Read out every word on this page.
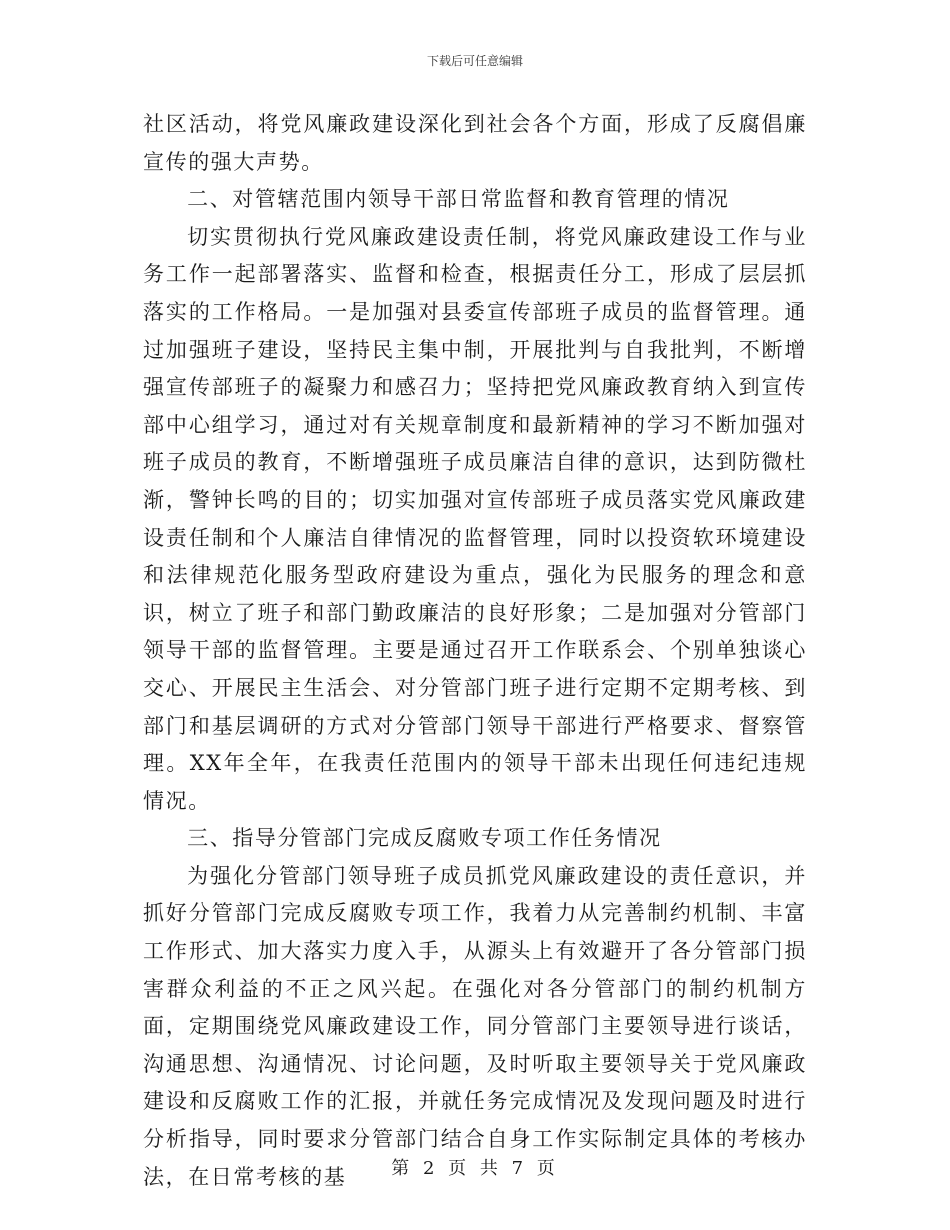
下载后可任意编辑

社区活动，将党风廉政建设深化到社会各个方面，形成了反腐倡廉宣传的强大声势。

二、对管辖范围内领导干部日常监督和教育管理的情况

切实贯彻执行党风廉政建设责任制，将党风廉政建设工作与业务工作一起部署落实、监督和检查，根据责任分工，形成了层层抓落实的工作格局。一是加强对县委宣传部班子成员的监督管理。通过加强班子建设，坚持民主集中制，开展批判与自我批判，不断增强宣传部班子的凝聚力和感召力；坚持把党风廉政教育纳入到宣传部中心组学习，通过对有关规章制度和最新精神的学习不断加强对班子成员的教育，不断增强班子成员廉洁自律的意识，达到防微杜渐，警钟长鸣的目的；切实加强对宣传部班子成员落实党风廉政建设责任制和个人廉洁自律情况的监督管理，同时以投资软环境建设和法律规范化服务型政府建设为重点，强化为民服务的理念和意识，树立了班子和部门勤政廉洁的良好形象；二是加强对分管部门领导干部的监督管理。主要是通过召开工作联系会、个别单独谈心交心、开展民主生活会、对分管部门班子进行定期不定期考核、到部门和基层调研的方式对分管部门领导干部进行严格要求、督察管理。XX年全年，在我责任范围内的领导干部未出现任何违纪违规情况。

三、指导分管部门完成反腐败专项工作任务情况

为强化分管部门领导班子成员抓党风廉政建设的责任意识，并抓好分管部门完成反腐败专项工作，我着力从完善制约机制、丰富工作形式、加大落实力度入手，从源头上有效避开了各分管部门损害群众利益的不正之风兴起。在强化对各分管部门的制约机制方面，定期围绕党风廉政建设工作，同分管部门主要领导进行谈话，沟通思想、沟通情况、讨论问题，及时听取主要领导关于党风廉政建设和反腐败工作的汇报，并就任务完成情况及发现问题及时进行分析指导，同时要求分管部门结合自身工作实际制定具体的考核办法，在日常考核的基	第 2 页 共 7 页
